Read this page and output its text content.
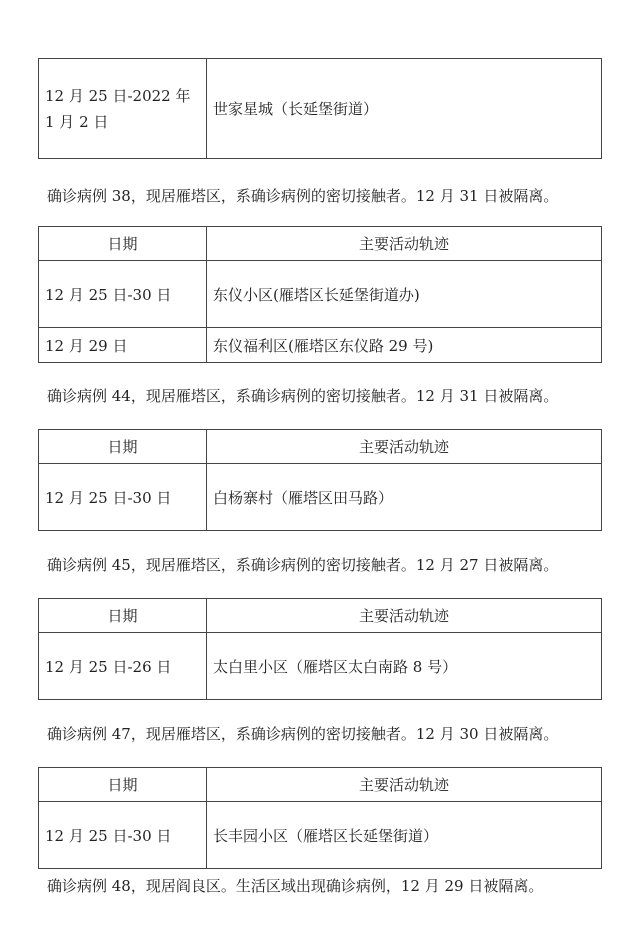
12 月 25 日-2022 年 1 月 2 日	世家星城（长延堡街道）
确诊病例 38，现居雁塔区，系确诊病例的密切接触者。12 月 31 日被隔离。
日期	主要活动轨迹
12 月 25 日-30 日	东仪小区(雁塔区长延堡街道办)
12 月 29 日	东仪福利区(雁塔区东仪路 29 号)
确诊病例 44，现居雁塔区，系确诊病例的密切接触者。12 月 31 日被隔离。
日期	主要活动轨迹
12 月 25 日-30 日	白杨寨村（雁塔区田马路）
确诊病例 45，现居雁塔区，系确诊病例的密切接触者。12 月 27 日被隔离。
日期	主要活动轨迹
12 月 25 日-26 日	太白里小区（雁塔区太白南路 8 号）
确诊病例 47，现居雁塔区，系确诊病例的密切接触者。12 月 30 日被隔离。
日期	主要活动轨迹
12 月 25 日-30 日	长丰园小区（雁塔区长延堡街道）
确诊病例 48，现居阎良区。生活区域出现确诊病例，12 月 29 日被隔离。
